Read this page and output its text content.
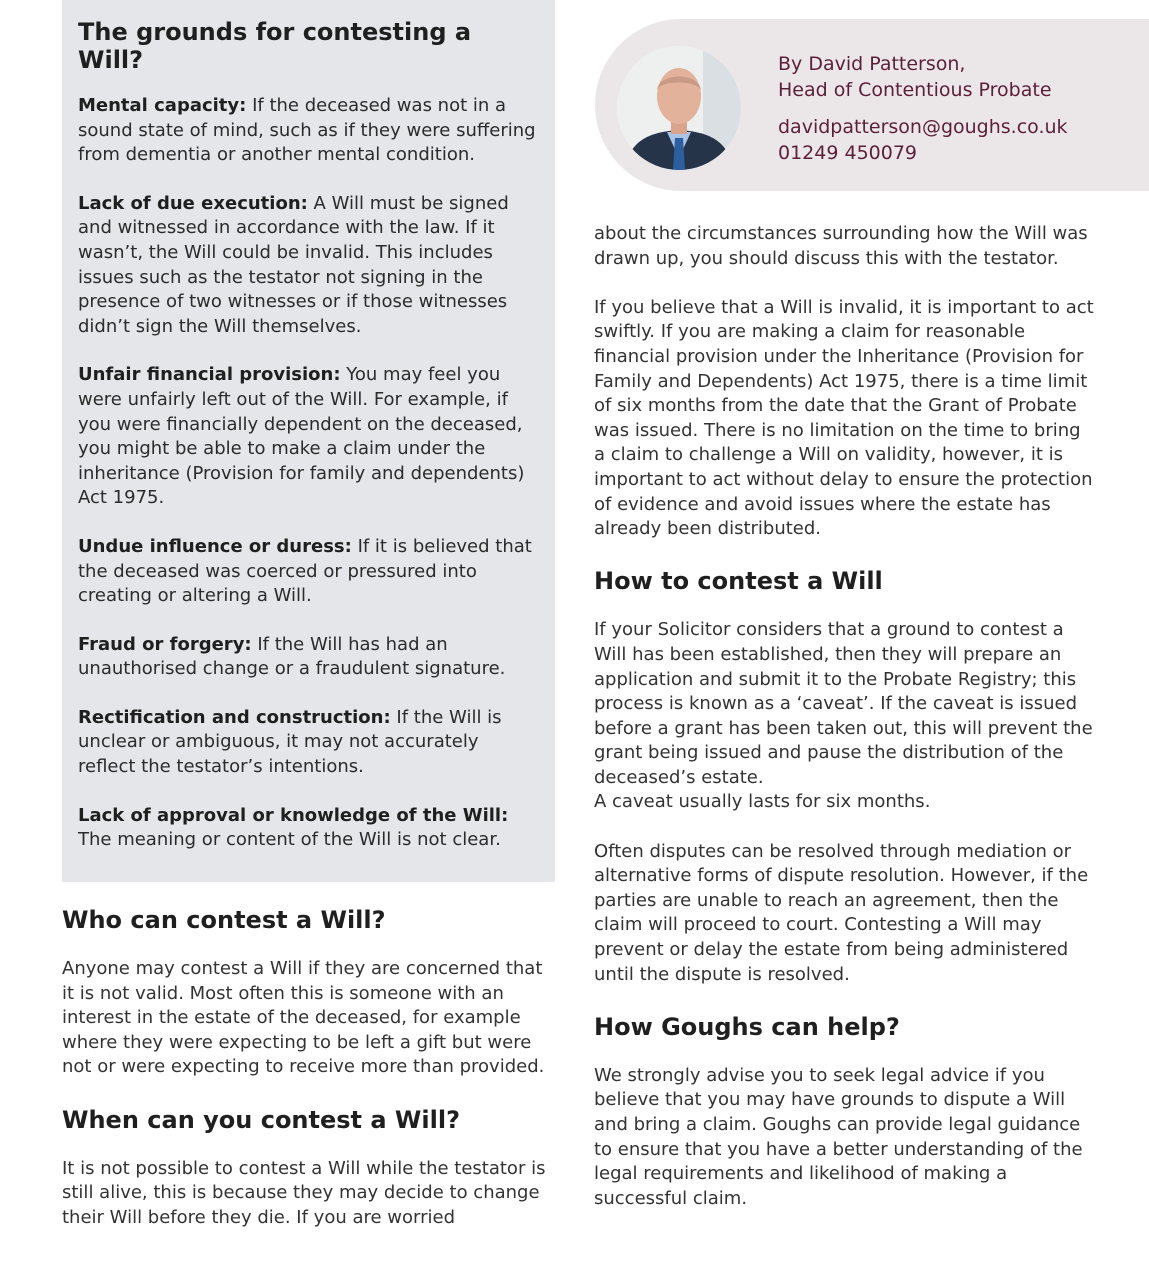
The grounds for contesting a Will?
Mental capacity: If the deceased was not in a sound state of mind, such as if they were suffering from dementia or another mental condition.
Lack of due execution: A Will must be signed and witnessed in accordance with the law. If it wasn’t, the Will could be invalid. This includes issues such as the testator not signing in the presence of two witnesses or if those witnesses didn’t sign the Will themselves.
Unfair financial provision: You may feel you were unfairly left out of the Will. For example, if you were financially dependent on the deceased, you might be able to make a claim under the inheritance (Provision for family and dependents) Act 1975.
Undue influence or duress: If it is believed that the deceased was coerced or pressured into creating or altering a Will.
Fraud or forgery: If the Will has had an unauthorised change or a fraudulent signature.
Rectification and construction: If the Will is unclear or ambiguous, it may not accurately reflect the testator’s intentions.
Lack of approval or knowledge of the Will: The meaning or content of the Will is not clear.
By David Patterson,
Head of Contentious Probate
davidpatterson@goughs.co.uk
01249 450079
Who can contest a Will?

Anyone may contest a Will if they are concerned that it is not valid. Most often this is someone with an interest in the estate of the deceased, for example where they were expecting to be left a gift but were not or were expecting to receive more than provided.

When can you contest a Will?

It is not possible to contest a Will while the testator is still alive, this is because they may decide to change their Will before they die. If you are worried

about the circumstances surrounding how the Will was drawn up, you should discuss this with the testator.

If you believe that a Will is invalid, it is important to act swiftly. If you are making a claim for reasonable financial provision under the Inheritance (Provision for Family and Dependents) Act 1975, there is a time limit of six months from the date that the Grant of Probate was issued. There is no limitation on the time to bring a claim to challenge a Will on validity, however, it is important to act without delay to ensure the protection of evidence and avoid issues where the estate has already been distributed.

How to contest a Will

If your Solicitor considers that a ground to contest a Will has been established, then they will prepare an application and submit it to the Probate Registry; this process is known as a ‘caveat’. If the caveat is issued before a grant has been taken out, this will prevent the grant being issued and pause the distribution of the deceased’s estate.

A caveat usually lasts for six months.

Often disputes can be resolved through mediation or alternative forms of dispute resolution. However, if the parties are unable to reach an agreement, then the claim will proceed to court. Contesting a Will may prevent or delay the estate from being administered until the dispute is resolved.

How Goughs can help?

We strongly advise you to seek legal advice if you believe that you may have grounds to dispute a Will and bring a claim. Goughs can provide legal guidance to ensure that you have a better understanding of the legal requirements and likelihood of making a successful claim.
